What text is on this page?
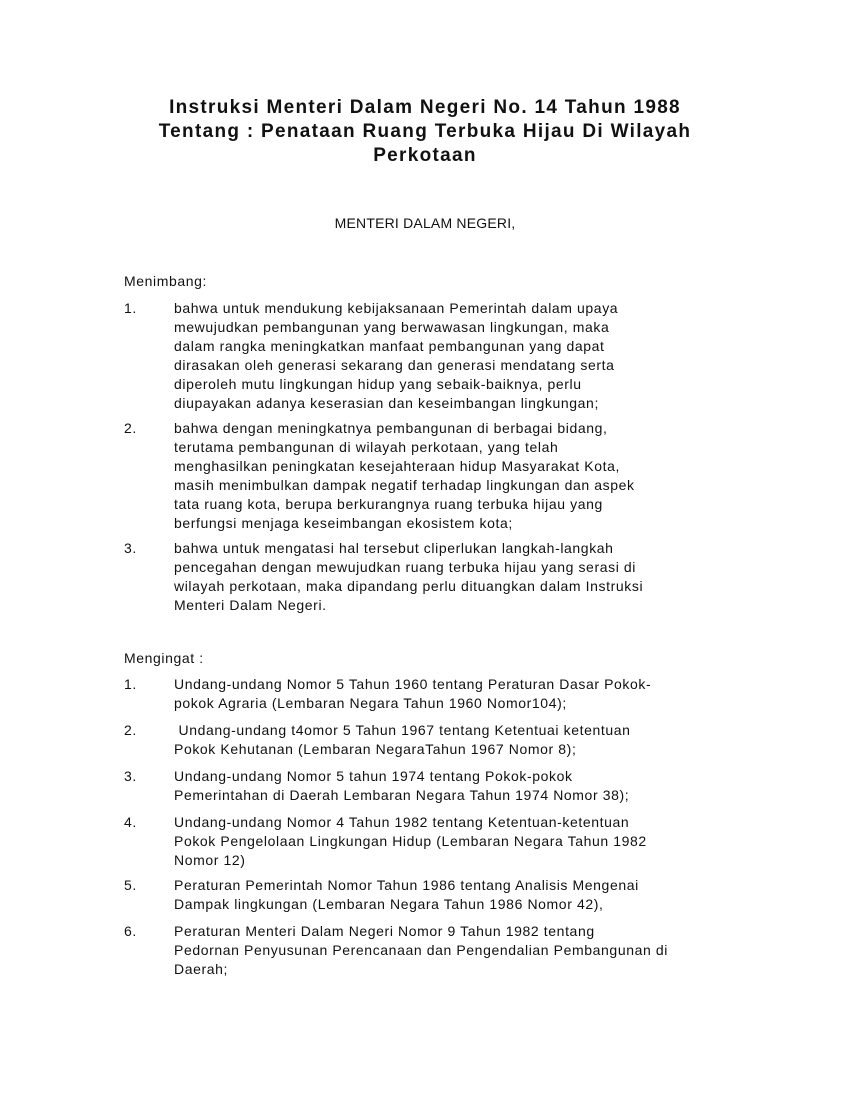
Instruksi Menteri Dalam Negeri No. 14 Tahun 1988
Tentang : Penataan Ruang Terbuka Hijau Di Wilayah
Perkotaan
MENTERI DALAM NEGERI,
Menimbang:
1.	bahwa untuk mendukung kebijaksanaan Pemerintah dalam upaya
mewujudkan pembangunan yang berwawasan lingkungan, maka
dalam rangka meningkatkan manfaat pembangunan yang dapat
dirasakan oleh generasi sekarang dan generasi mendatang serta
diperoleh mutu lingkungan hidup yang sebaik-baiknya, perlu
diupayakan adanya keserasian dan keseimbangan lingkungan;
2.	bahwa dengan meningkatnya pembangunan di berbagai bidang,
terutama pembangunan di wilayah perkotaan, yang telah
menghasilkan peningkatan kesejahteraan hidup Masyarakat Kota,
masih menimbulkan dampak negatif terhadap lingkungan dan aspek
tata ruang kota, berupa berkurangnya ruang terbuka hijau yang
berfungsi menjaga keseimbangan ekosistem kota;
3.	bahwa untuk mengatasi hal tersebut cliperlukan langkah-langkah
pencegahan dengan mewujudkan ruang terbuka hijau yang serasi di
wilayah perkotaan, maka dipandang perlu dituangkan dalam Instruksi
Menteri Dalam Negeri.
Mengingat :
1.	Undang-undang Nomor 5 Tahun 1960 tentang Peraturan Dasar Pokok-
pokok Agraria (Lembaran Negara Tahun 1960 Nomor104);
2.	Undang-undang t4omor 5 Tahun 1967 tentang Ketentuai ketentuan
Pokok Kehutanan (Lembaran NegaraTahun 1967 Nomor 8);
3.	Undang-undang Nomor 5 tahun 1974 tentang Pokok-pokok
Pemerintahan di Daerah Lembaran Negara Tahun 1974 Nomor 38);
4.	Undang-undang Nomor 4 Tahun 1982 tentang Ketentuan-ketentuan
Pokok Pengelolaan Lingkungan Hidup (Lembaran Negara Tahun 1982
Nomor 12)
5.	Peraturan Pemerintah Nomor Tahun 1986 tentang Analisis Mengenai
Dampak lingkungan (Lembaran Negara Tahun 1986 Nomor 42),
6.	Peraturan Menteri Dalam Negeri Nomor 9 Tahun 1982 tentang
Pedornan Penyusunan Perencanaan dan Pengendalian Pembangunan di
Daerah;
